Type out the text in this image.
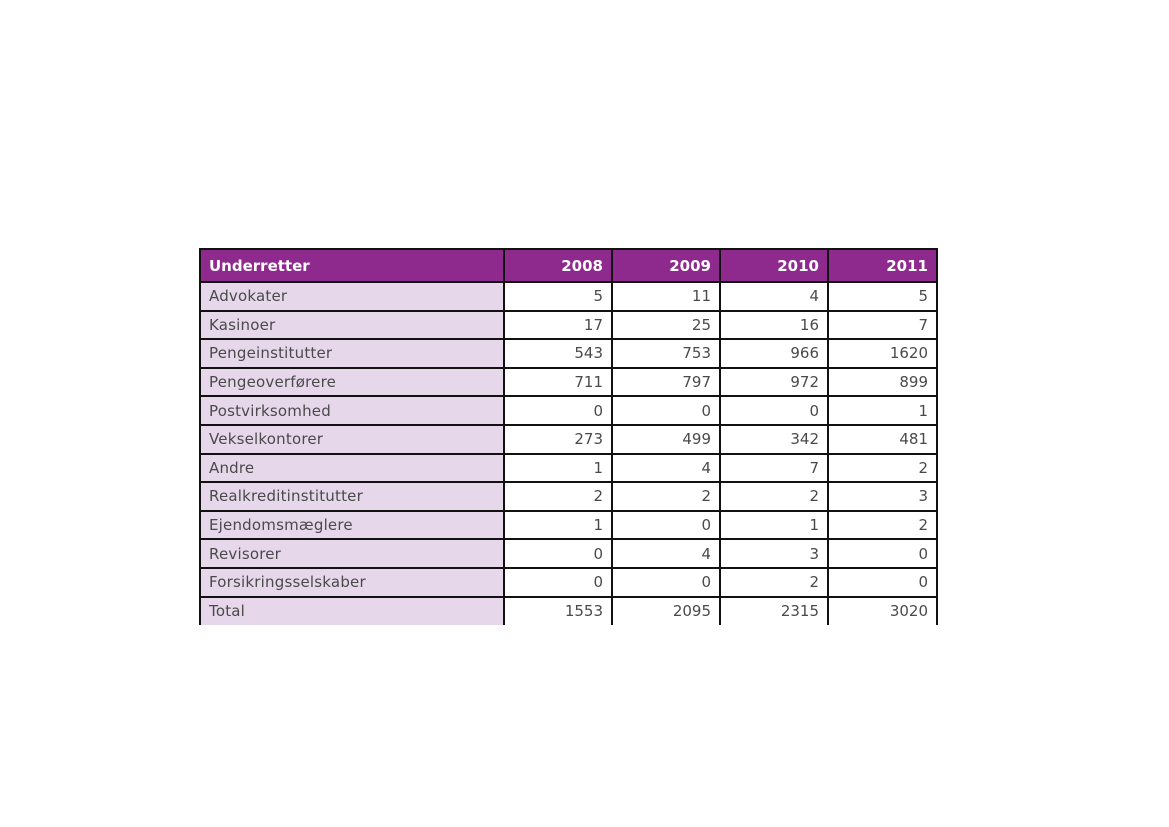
Underretter	2008	2009	2010	2011
Advokater	5	11	4	5
Kasinoer	17	25	16	7
Pengeinstitutter	543	753	966	1620
Pengeoverførere	711	797	972	899
Postvirksomhed	0	0	0	1
Vekselkontorer	273	499	342	481
Andre	1	4	7	2
Realkreditinstitutter	2	2	2	3
Ejendomsmæglere	1	0	1	2
Revisorer	0	4	3	0
Forsikringsselskaber	0	0	2	0
Total	1553	2095	2315	3020
